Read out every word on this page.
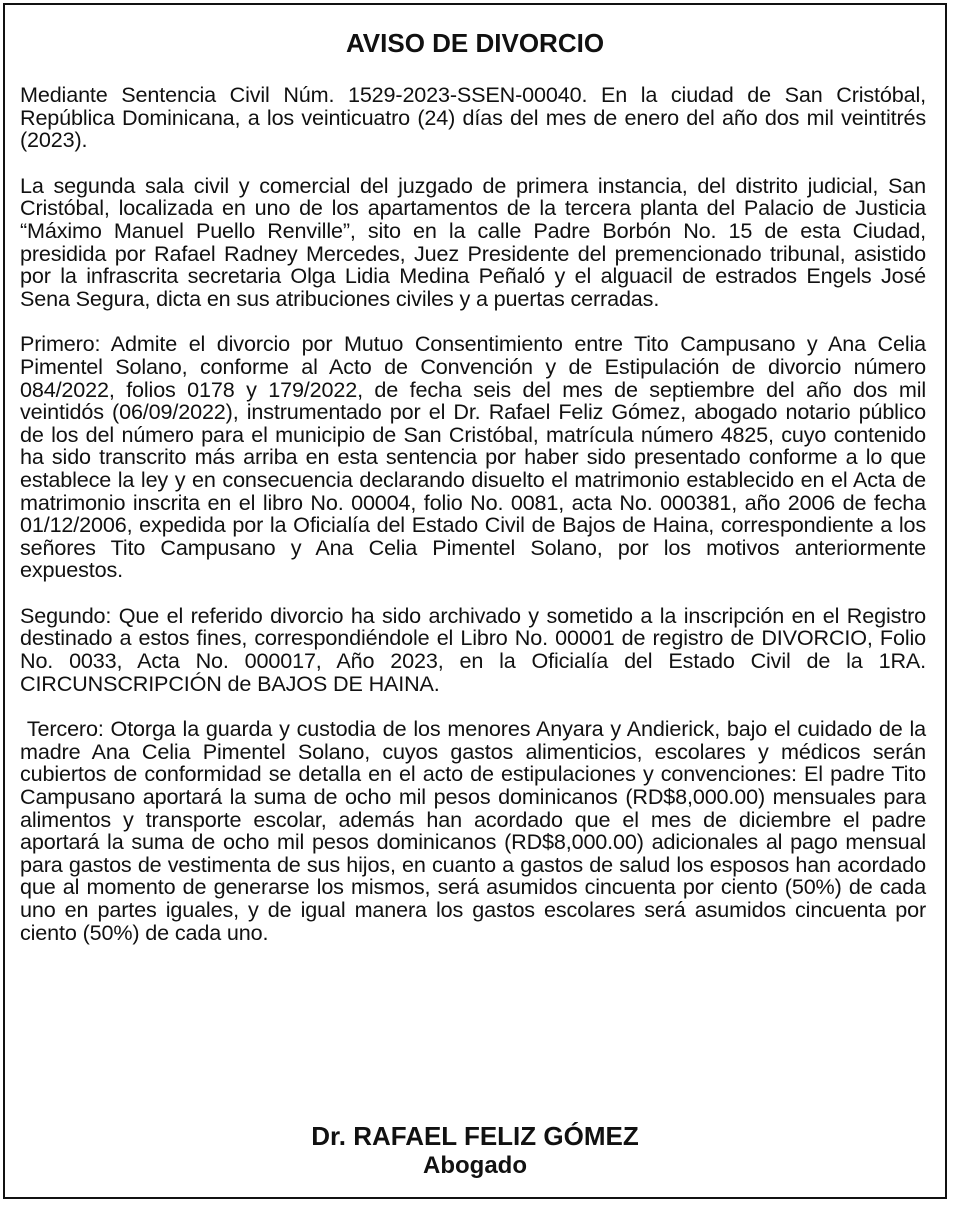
AVISO DE DIVORCIO

Mediante Sentencia Civil Núm. 1529-2023-SSEN-00040. En la ciudad de San Cristóbal, República Dominicana, a los veinticuatro (24) días del mes de enero del año dos mil veintitrés (2023).

La segunda sala civil y comercial del juzgado de primera instancia, del distrito judicial, San Cristóbal, localizada en uno de los apartamentos de la tercera planta del Palacio de Justicia “Máximo Manuel Puello Renville”, sito en la calle Padre Borbón No. 15 de esta Ciudad, presidida por Rafael Radney Mercedes, Juez Presidente del premencionado tribunal, asistido por la infrascrita secretaria Olga Lidia Medina Peñaló y el alguacil de estrados Engels José Sena Segura, dicta en sus atribuciones civiles y a puertas cerradas.

Primero: Admite el divorcio por Mutuo Consentimiento entre Tito Campusano y Ana Celia Pimentel Solano, conforme al Acto de Convención y de Estipulación de divorcio número 084/2022, folios 0178 y 179/2022, de fecha seis del mes de septiembre del año dos mil veintidós (06/09/2022), instrumentado por el Dr. Rafael Feliz Gómez, abogado notario público de los del número para el municipio de San Cristóbal, matrícula número 4825, cuyo contenido ha sido transcrito más arriba en esta sentencia por haber sido presentado conforme a lo que establece la ley y en consecuencia declarando disuelto el matrimonio establecido en el Acta de matrimonio inscrita en el libro No. 00004, folio No. 0081, acta No. 000381, año 2006 de fecha 01/12/2006, expedida por la Oficialía del Estado Civil de Bajos de Haina, correspondiente a los señores Tito Campusano y Ana Celia Pimentel Solano, por los motivos anteriormente expuestos.

Segundo: Que el referido divorcio ha sido archivado y sometido a la inscripción en el Registro destinado a estos fines, correspondiéndole el Libro No. 00001 de registro de DIVORCIO, Folio No. 0033, Acta No. 000017, Año 2023, en la Oficialía del Estado Civil de la 1RA. CIRCUNSCRIPCIÓN de BAJOS DE HAINA.

Tercero: Otorga la guarda y custodia de los menores Anyara y Andierick, bajo el cuidado de la madre Ana Celia Pimentel Solano, cuyos gastos alimenticios, escolares y médicos serán cubiertos de conformidad se detalla en el acto de estipulaciones y convenciones: El padre Tito Campusano aportará la suma de ocho mil pesos dominicanos (RD$8,000.00) mensuales para alimentos y transporte escolar, además han acordado que el mes de diciembre el padre aportará la suma de ocho mil pesos dominicanos (RD$8,000.00) adicionales al pago mensual para gastos de vestimenta de sus hijos, en cuanto a gastos de salud los esposos han acordado que al momento de generarse los mismos, será asumidos cincuenta por ciento (50%) de cada uno en partes iguales, y de igual manera los gastos escolares será asumidos cincuenta por ciento (50%) de cada uno.

Dr. RAFAEL FELIZ GÓMEZ
Abogado
